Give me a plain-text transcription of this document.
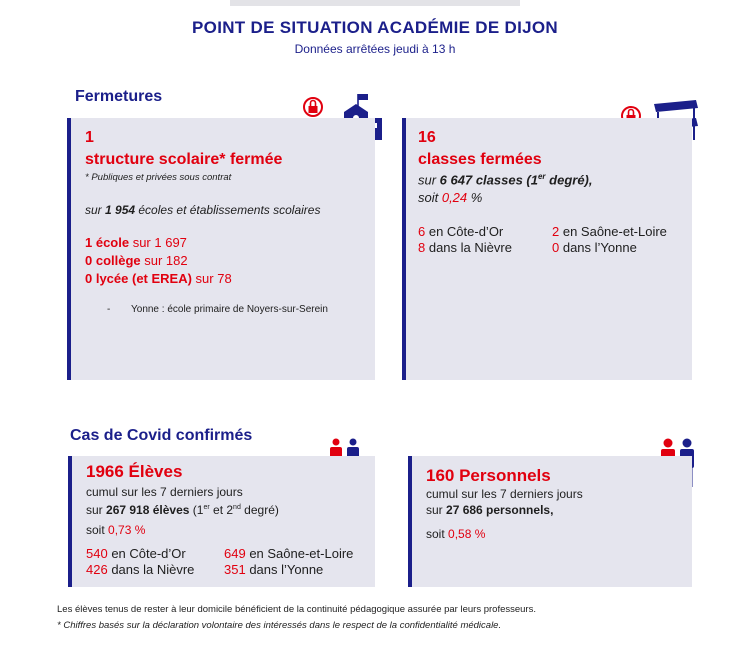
POINT DE SITUATION ACADÉMIE DE DIJON
Données arrêtées jeudi à 13 h
Fermetures
1
structure scolaire* fermée
* Publiques et privées sous contrat
sur 1 954 écoles et établissements scolaires
1 école sur 1 697
0 collège sur 182
0 lycée (et EREA) sur 78
- Yonne : école primaire de Noyers-sur-Serein
16
classes fermées
sur 6 647 classes (1er degré),
soit 0,24 %
6 en Côte-d’Or	2 en Saône-et-Loire
8 dans la Nièvre	0 dans l’Yonne
Cas de Covid confirmés
1966 Élèves
cumul sur les 7 derniers jours
sur 267 918 élèves (1er et 2nd degré)
soit 0,73 %
540 en Côte-d’Or	649 en Saône-et-Loire
426 dans la Nièvre 351 dans l’Yonne
160 Personnels
cumul sur les 7 derniers jours
sur 27 686 personnels,
soit 0,58 %
Les élèves tenus de rester à leur domicile bénéficient de la continuité pédagogique assurée par leurs professeurs.
* Chiffres basés sur la déclaration volontaire des intéressés dans le respect de la confidentialité médicale.
